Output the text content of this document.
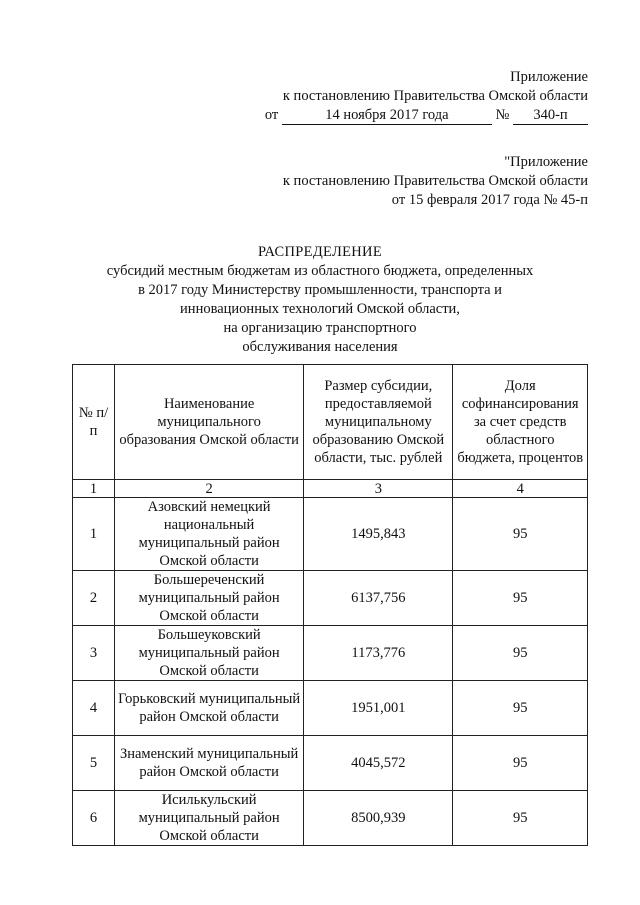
Приложение
к постановлению Правительства Омской области
от	14 ноября 2017 года	№ 340-п
"Приложение
к постановлению Правительства Омской области
от 15 февраля 2017 года № 45-п
РАСПРЕДЕЛЕНИЕ
субсидий местным бюджетам из областного бюджета, определенных
в 2017 году Министерству промышленности, транспорта и
инновационных технологий Омской области,
на организацию транспортного
обслуживания населения
№ п/п	Наименование муниципального образования Омской области	Размер субсидии, предоставляемой муниципальному образованию Омской области, тыс. рублей	Доля софинансирования за счет средств областного бюджета, процентов
1	2	3	4
1	Азовский немецкий национальный муниципальный район Омской области	1495,843	95
2	Большереченский муниципальный район Омской области	6137,756	95
3	Большеуковский муниципальный район Омской области	1173,776	95
4	Горьковский муниципальный район Омской области	1951,001	95
5	Знаменский муниципальный район Омской области	4045,572	95
6	Исилькульский муниципальный район Омской области	8500,939	95
